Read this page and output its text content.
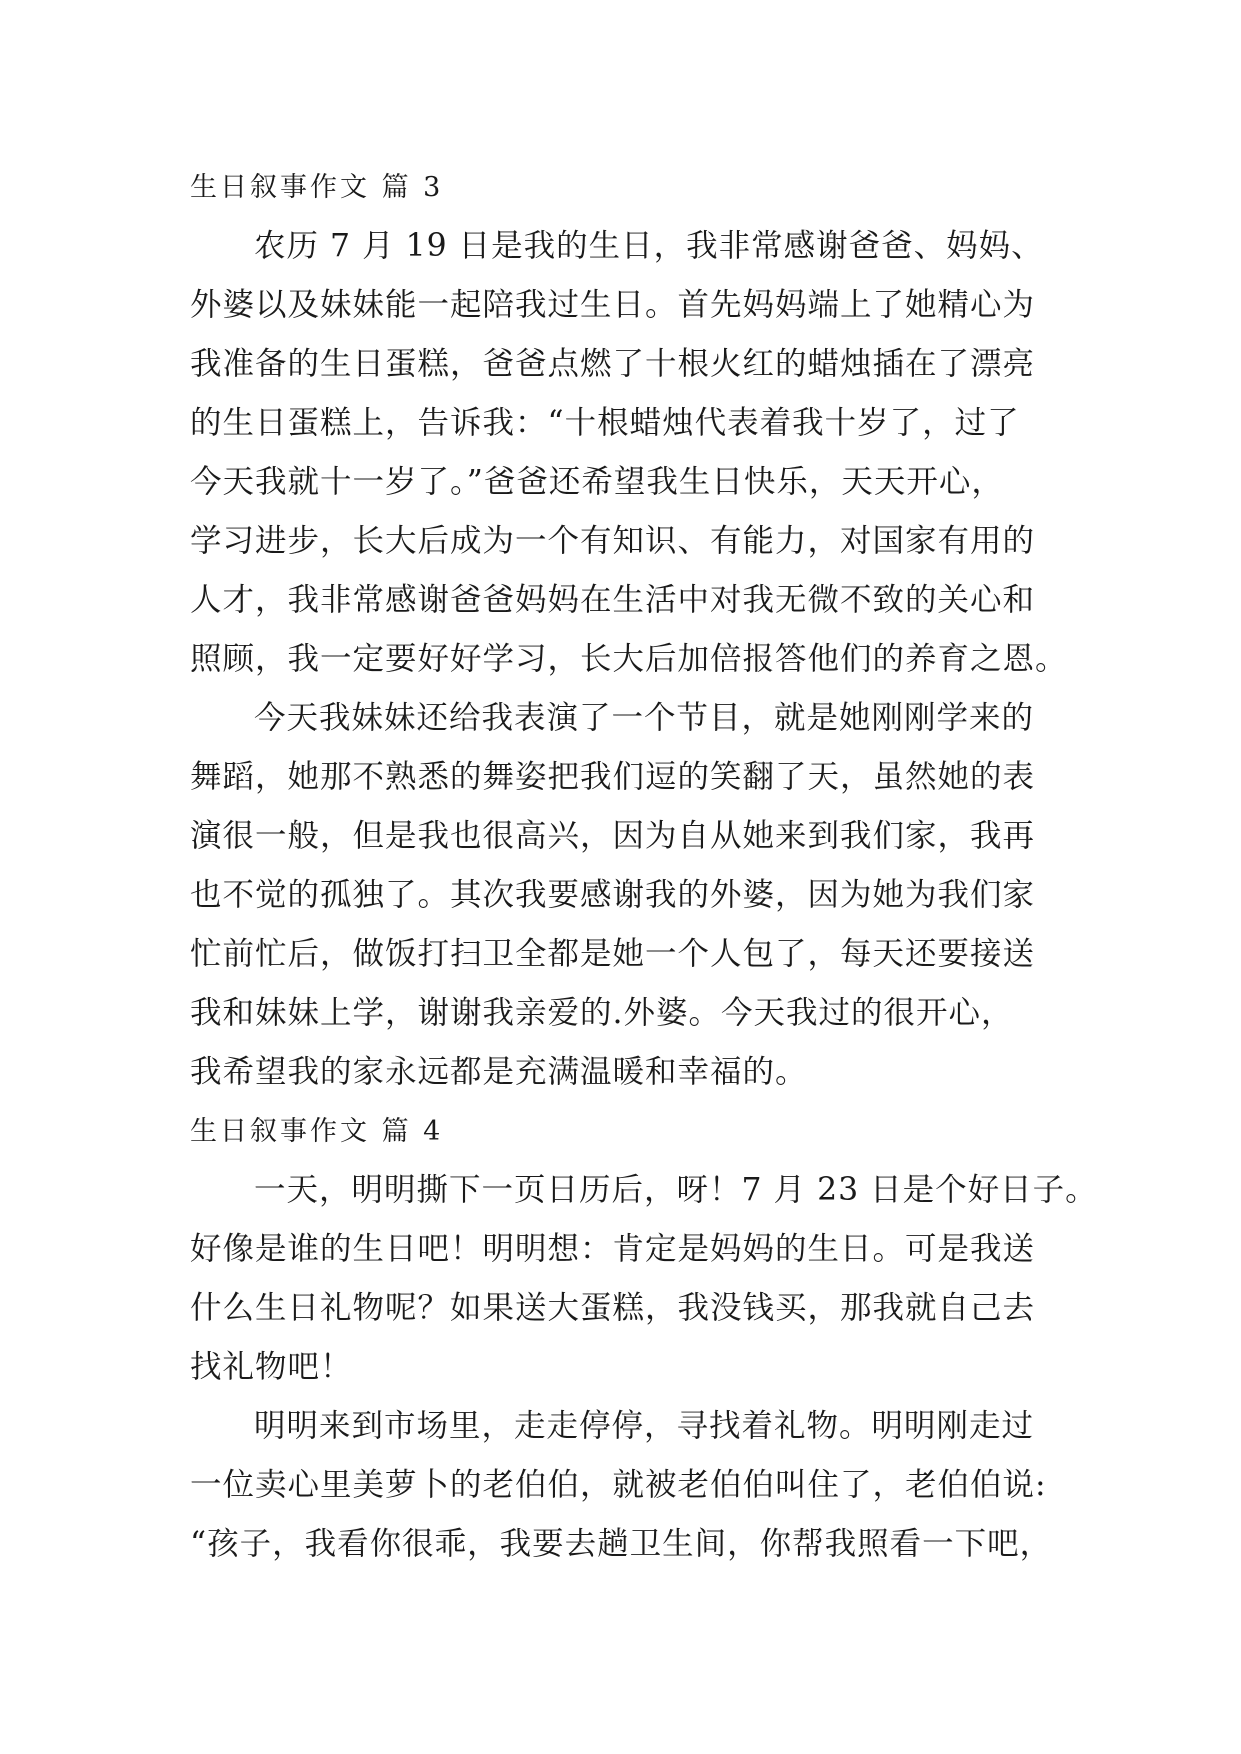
生日叙事作文 篇 3
农历 7 月 19 日是我的生日，我非常感谢爸爸、妈妈、
外婆以及妹妹能一起陪我过生日。首先妈妈端上了她精心为
我准备的生日蛋糕，爸爸点燃了十根火红的蜡烛插在了漂亮
的生日蛋糕上，告诉我：“十根蜡烛代表着我十岁了，过了
今天我就十一岁了。”爸爸还希望我生日快乐，天天开心，
学习进步，长大后成为一个有知识、有能力，对国家有用的
人才，我非常感谢爸爸妈妈在生活中对我无微不致的关心和
照顾，我一定要好好学习，长大后加倍报答他们的养育之恩。
今天我妹妹还给我表演了一个节目，就是她刚刚学来的
舞蹈，她那不熟悉的舞姿把我们逗的笑翻了天，虽然她的表
演很一般，但是我也很高兴，因为自从她来到我们家，我再
也不觉的孤独了。其次我要感谢我的外婆，因为她为我们家
忙前忙后，做饭打扫卫全都是她一个人包了，每天还要接送
我和妹妹上学，谢谢我亲爱的.外婆。今天我过的很开心，
我希望我的家永远都是充满温暖和幸福的。
生日叙事作文 篇 4
一天，明明撕下一页日历后，呀！7 月 23 日是个好日子。
好像是谁的生日吧！明明想：肯定是妈妈的生日。可是我送
什么生日礼物呢？如果送大蛋糕，我没钱买，那我就自己去
找礼物吧！
明明来到市场里，走走停停，寻找着礼物。明明刚走过
一位卖心里美萝卜的老伯伯，就被老伯伯叫住了，老伯伯说:
“孩子，我看你很乖，我要去趟卫生间，你帮我照看一下吧，
